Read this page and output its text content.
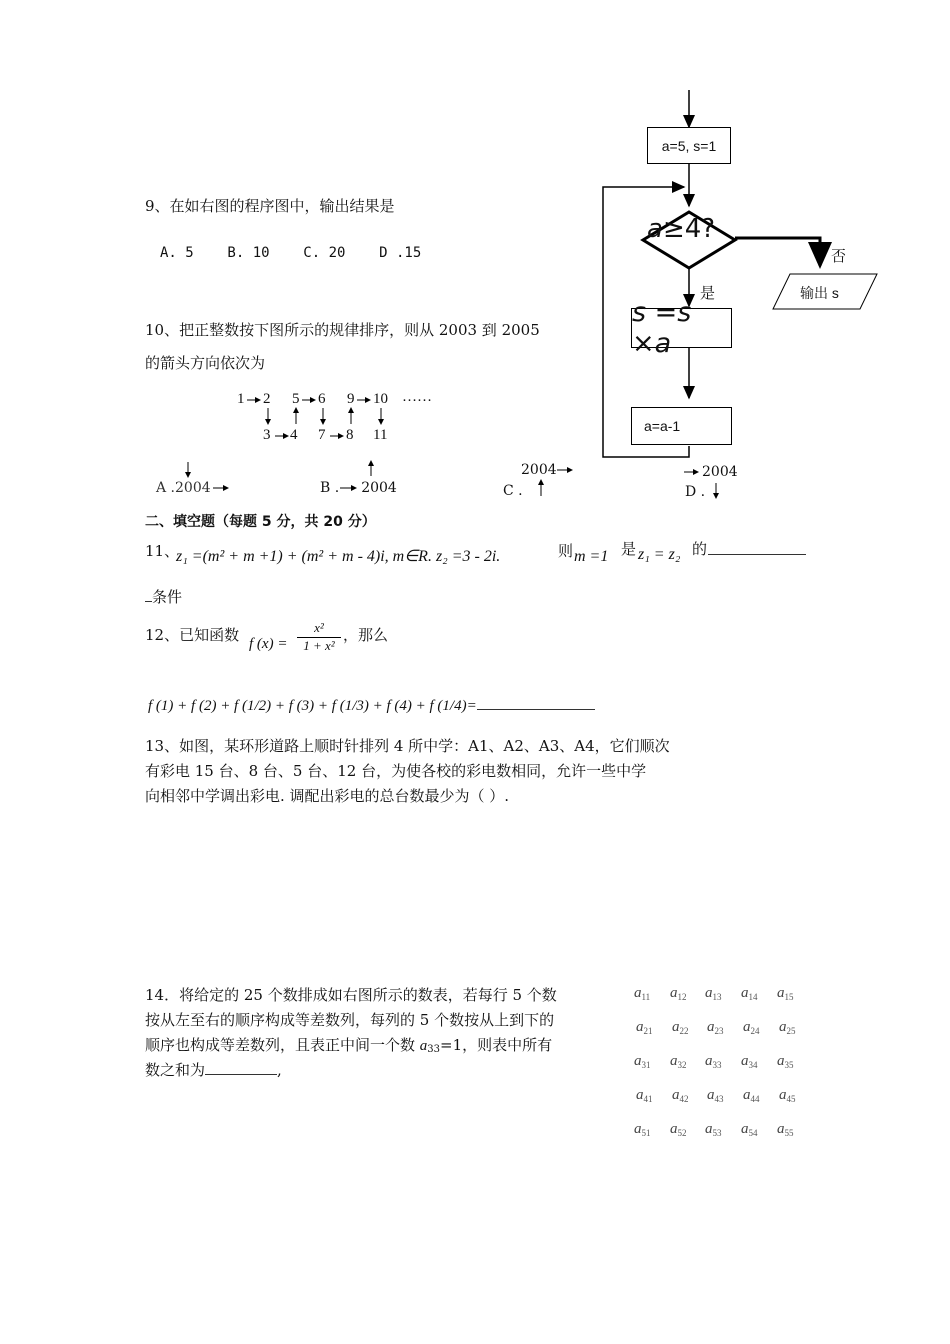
a=5, s=1
a≥4?
是
否
输出 s
s =s ×a
a=a-1
9、在如右图的程序图中，输出结果是
A. 5    B. 10    C. 20    D .15
10、把正整数按下图所示的规律排序，则从 2003 到 2005
的箭头方向依次为
1 2 5 6 9 10 ……
3 4 7 8 11
A .2004	B . 2004
2004
C .
2004
D .
二、填空题（每题 5 分，共 20 分）
11、
z₁ =(m² + m +1) + (m² + m - 4)i, m∈R. z₂ =3 - 2i.	则 m =1 是 z₁ = z₂ 的
条件
12、已知函数 f $(x) = \frac{\text{x²}}{\text{1 + x²}}$ ，那么
f (1) + f (2) + f (1/2) + f (3) + f (1/3) + f (4) + f (1/4)=
13、如图，某环形道路上顺时针排列 4 所中学：A1、A2、A3、A4，它们顺次
有彩电 15 台、8 台、5 台、12 台，为使各校的彩电数相同，允许一些中学
向相邻中学调出彩电. 调配出彩电的总台数最少为（ ）.
14．将给定的 25 个数排成如右图所示的数表，若每行 5 个数
按从左至右的顺序构成等差数列，每列的 5 个数按从上到下的
顺序也构成等差数列，且表正中间一个数 a33=1，则表中所有
数之和为	,
$a_{11}$ $a_{12}$ $a_{13}$ $a_{14}$ $a_{15}$
$a_{21}$ $a_{22}$ $a_{23}$ $a_{24}$ $a_{25}$
$a_{31}$ $a_{32}$ $a_{33}$ $a_{34}$ $a_{35}$
$a_{41}$ $a_{42}$ $a_{43}$ $a_{44}$ $a_{45}$
$a_{51}$ $a_{52}$ $a_{53}$ $a_{54}$ $a_{55}$
